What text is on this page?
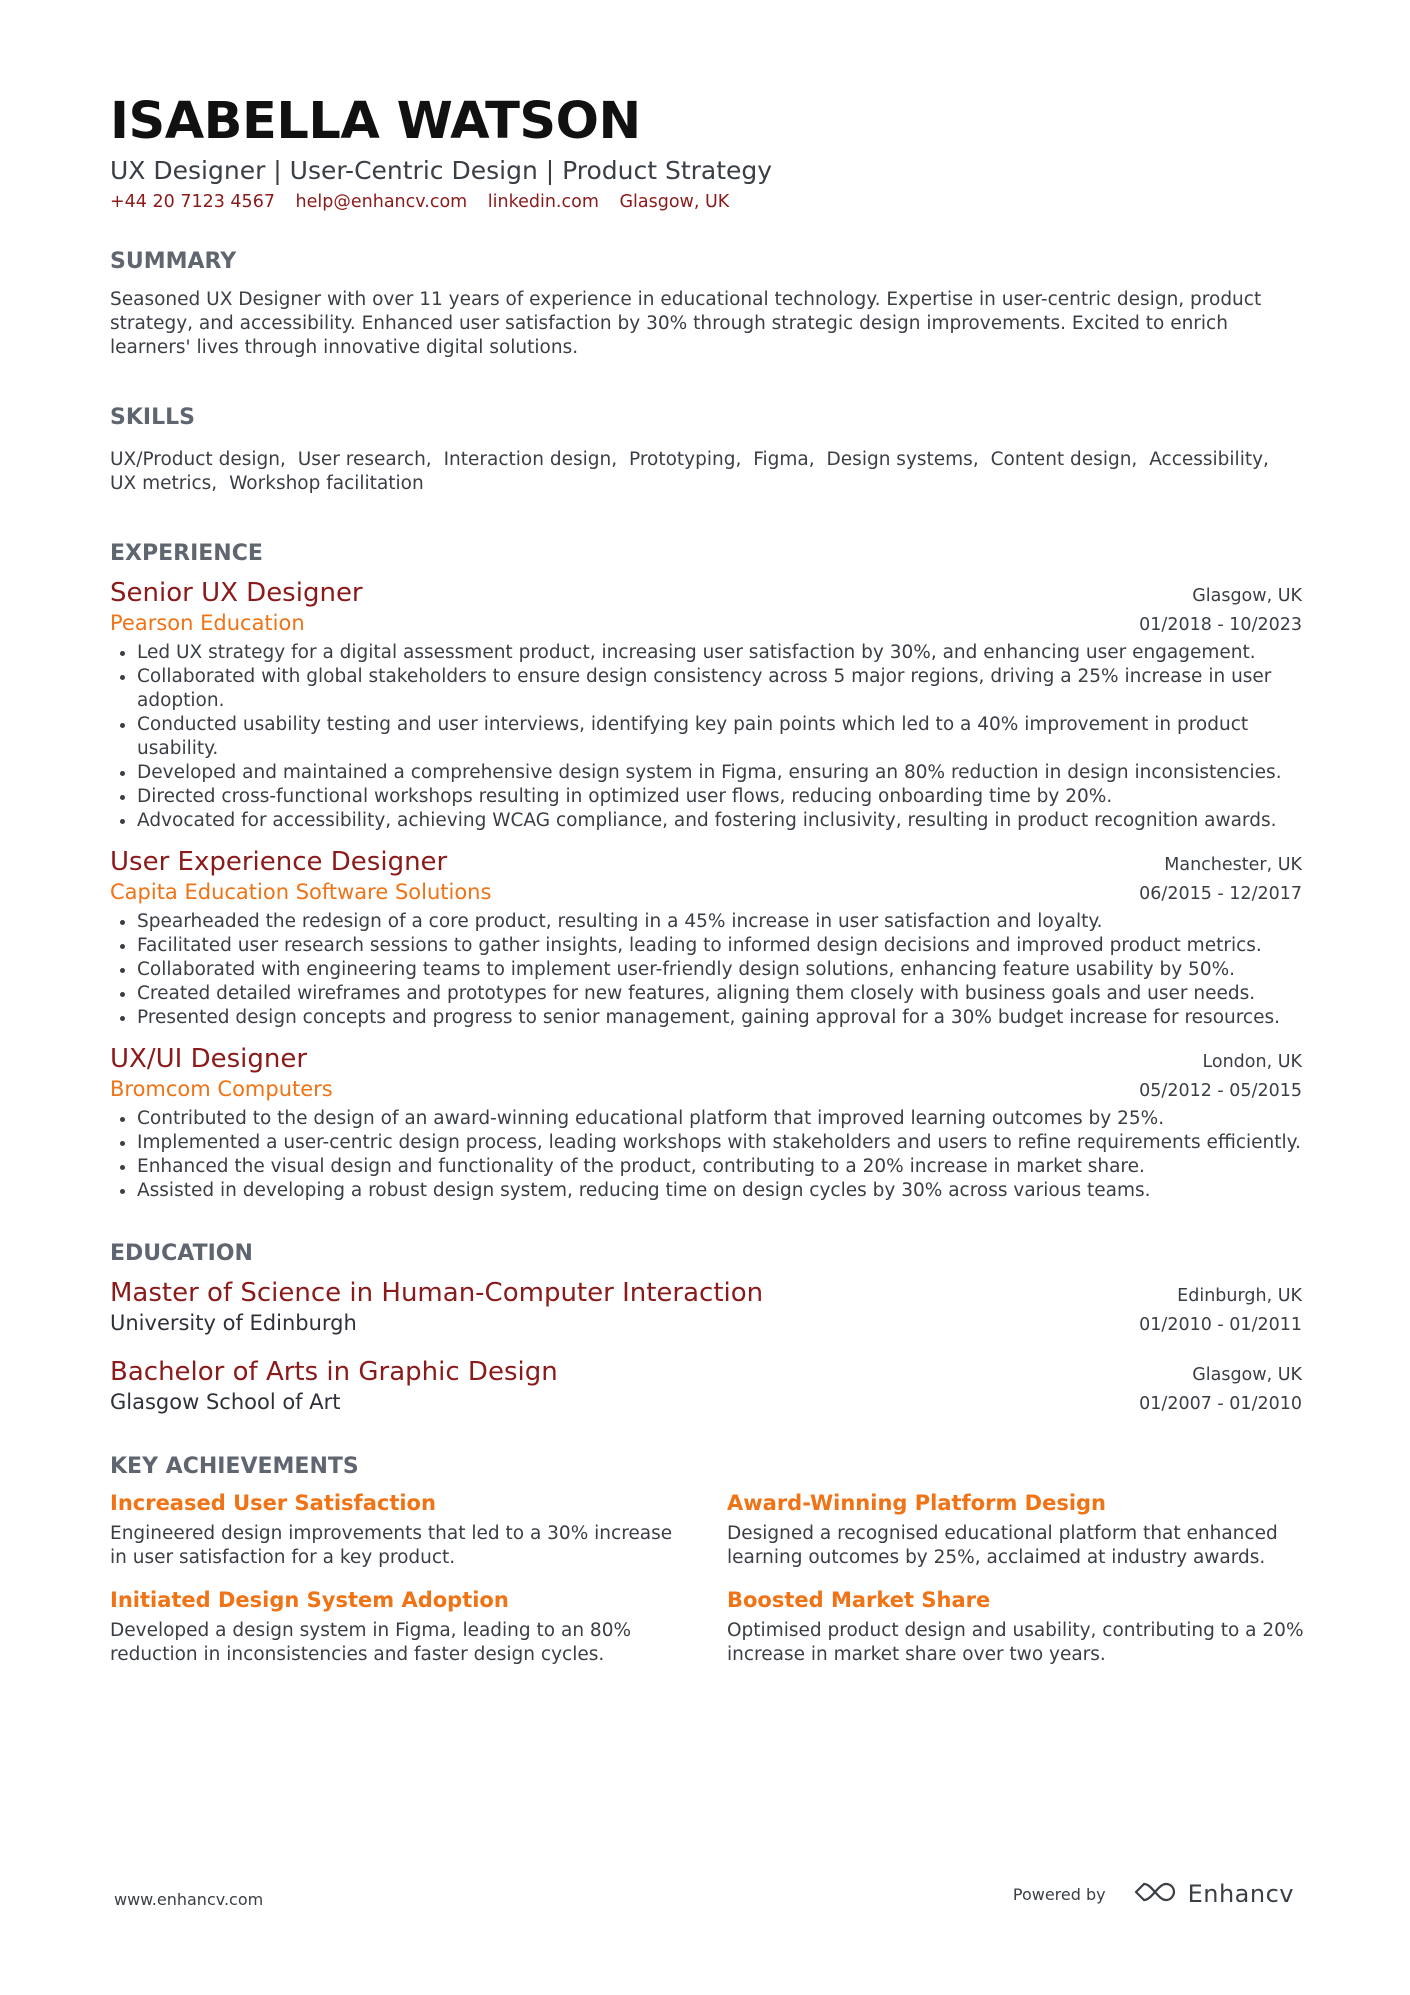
ISABELLA WATSON
UX Designer | User-Centric Design | Product Strategy
+44 20 7123 4567 help@enhancv.com linkedin.com Glasgow, UK
SUMMARY
Seasoned UX Designer with over 11 years of experience in educational technology. Expertise in user-centric design, product strategy, and accessibility. Enhanced user satisfaction by 30% through strategic design improvements. Excited to enrich learners' lives through innovative digital solutions.
SKILLS
UX/Product design, User research, Interaction design, Prototyping, Figma, Design systems, Content design, Accessibility,
UX metrics, Workshop facilitation
EXPERIENCE
Senior UX Designer	Glasgow, UK
Pearson Education	01/2018 - 10/2023
• Led UX strategy for a digital assessment product, increasing user satisfaction by 30%, and enhancing user engagement.
• Collaborated with global stakeholders to ensure design consistency across 5 major regions, driving a 25% increase in user adoption.
• Conducted usability testing and user interviews, identifying key pain points which led to a 40% improvement in product usability.
• Developed and maintained a comprehensive design system in Figma, ensuring an 80% reduction in design inconsistencies.
• Directed cross-functional workshops resulting in optimized user flows, reducing onboarding time by 20%.
• Advocated for accessibility, achieving WCAG compliance, and fostering inclusivity, resulting in product recognition awards.
User Experience Designer	Manchester, UK
Capita Education Software Solutions	06/2015 - 12/2017
• Spearheaded the redesign of a core product, resulting in a 45% increase in user satisfaction and loyalty.
• Facilitated user research sessions to gather insights, leading to informed design decisions and improved product metrics.
• Collaborated with engineering teams to implement user-friendly design solutions, enhancing feature usability by 50%.
• Created detailed wireframes and prototypes for new features, aligning them closely with business goals and user needs.
• Presented design concepts and progress to senior management, gaining approval for a 30% budget increase for resources.
UX/UI Designer	London, UK
Bromcom Computers	05/2012 - 05/2015
• Contributed to the design of an award-winning educational platform that improved learning outcomes by 25%.
• Implemented a user-centric design process, leading workshops with stakeholders and users to refine requirements efficiently.
• Enhanced the visual design and functionality of the product, contributing to a 20% increase in market share.
• Assisted in developing a robust design system, reducing time on design cycles by 30% across various teams.
EDUCATION
Master of Science in Human-Computer Interaction	Edinburgh, UK
University of Edinburgh	01/2010 - 01/2011
Bachelor of Arts in Graphic Design	Glasgow, UK
Glasgow School of Art	01/2007 - 01/2010
KEY ACHIEVEMENTS
Increased User Satisfaction
Engineered design improvements that led to a 30% increase in user satisfaction for a key product.
Award-Winning Platform Design
Designed a recognised educational platform that enhanced learning outcomes by 25%, acclaimed at industry awards.
Initiated Design System Adoption
Developed a design system in Figma, leading to an 80% reduction in inconsistencies and faster design cycles.
Boosted Market Share
Optimised product design and usability, contributing to a 20% increase in market share over two years.
www.enhancv.com	Powered by	Enhancv
